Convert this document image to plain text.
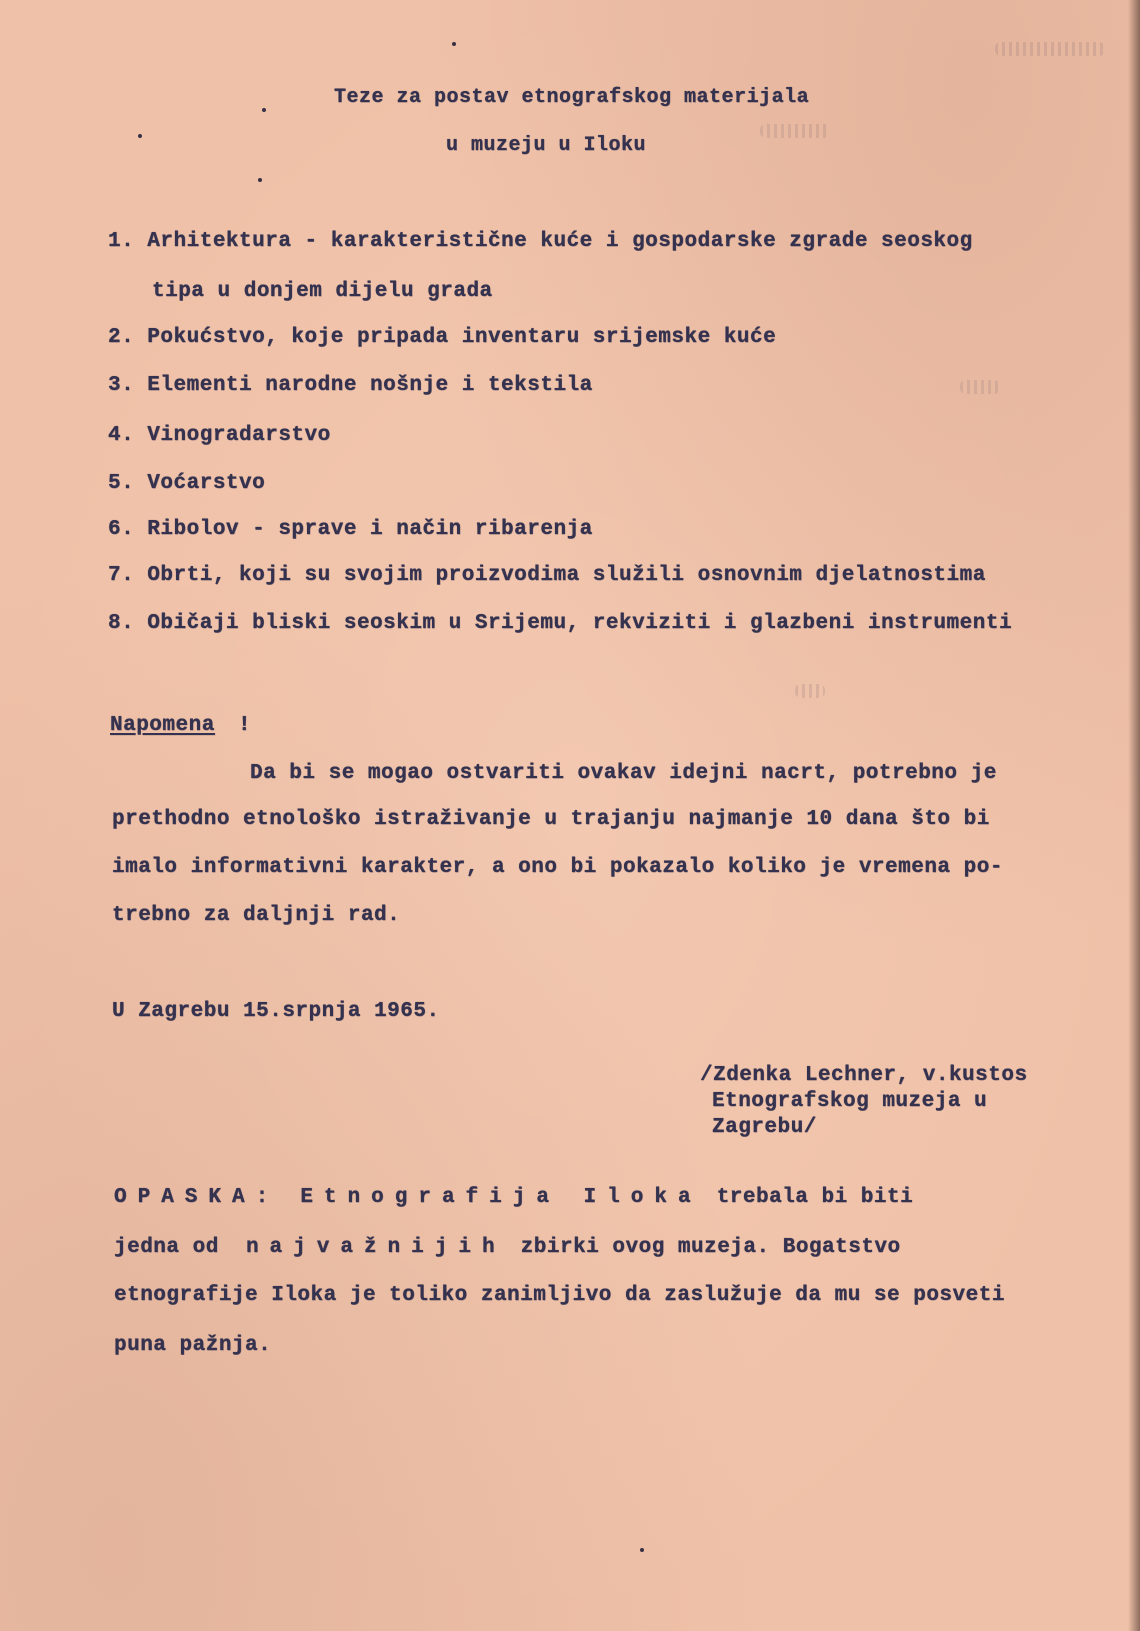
Teze za postav etnografskog materijala
u muzeju u Iloku
1. Arhitektura - karakteristične kuće i gospodarske zgrade seoskog
tipa u donjem dijelu grada
2. Pokućstvo, koje pripada inventaru srijemske kuće
3. Elementi narodne nošnje i tekstila
4. Vinogradarstvo
5. Voćarstvo
6. Ribolov - sprave i način ribarenja
7. Obrti, koji su svojim proizvodima služili osnovnim djelatnostima
8. Običaji bliski seoskim u Srijemu, rekviziti i glazbeni instrumenti
Napomena !
Da bi se mogao ostvariti ovakav idejni nacrt, potrebno je
prethodno etnološko istraživanje u trajanju najmanje 10 dana što bi
imalo informativni karakter, a ono bi pokazalo koliko je vremena po-
trebno za daljnji rad.
U Zagrebu 15.srpnja 1965.
/Zdenka Lechner, v.kustos
Etnografskog muzeja u
Zagrebu/
OPASKA: Etnografija Iloka trebala bi biti
jedna od najvažnijih zbirki ovog muzeja. Bogatstvo
etnografije Iloka je toliko zanimljivo da zaslužuje da mu se posveti
puna pažnja.
